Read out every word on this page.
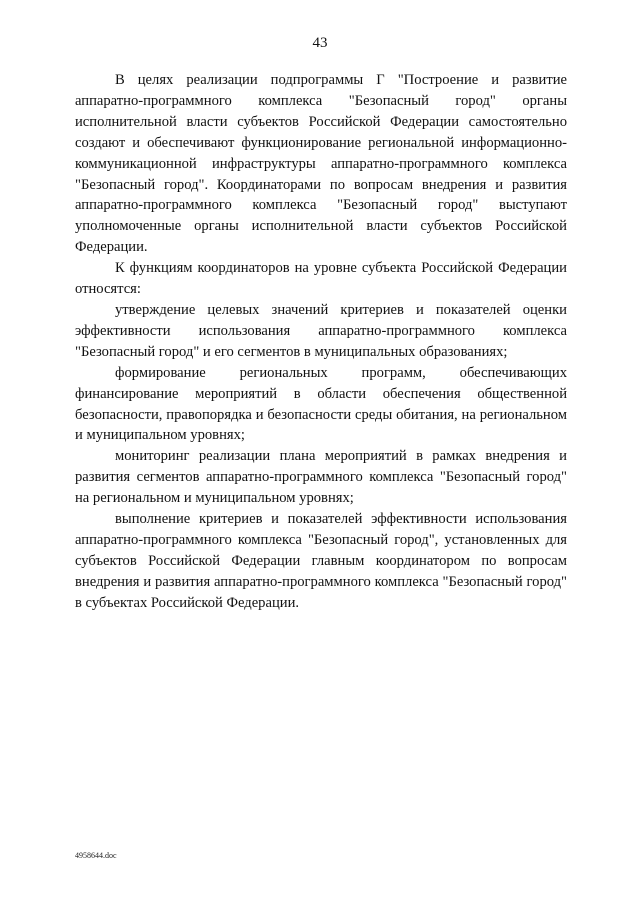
43

В целях реализации подпрограммы Г "Построение и развитие аппаратно-программного комплекса "Безопасный город" органы исполнительной власти субъектов Российской Федерации самостоятельно создают и обеспечивают функционирование региональной информационно-коммуникационной инфраструктуры аппаратно-программного комплекса "Безопасный город". Координаторами по вопросам внедрения и развития аппаратно-программного комплекса "Безопасный город" выступают уполномоченные органы исполнительной власти субъектов Российской Федерации.

К функциям координаторов на уровне субъекта Российской Федерации относятся:

утверждение целевых значений критериев и показателей оценки эффективности использования аппаратно-программного комплекса "Безопасный город" и его сегментов в муниципальных образованиях;

формирование региональных программ, обеспечивающих финансирование мероприятий в области обеспечения общественной безопасности, правопорядка и безопасности среды обитания, на региональном и муниципальном уровнях;

мониторинг реализации плана мероприятий в рамках внедрения и развития сегментов аппаратно-программного комплекса "Безопасный город" на региональном и муниципальном уровнях;

выполнение критериев и показателей эффективности использования аппаратно-программного комплекса "Безопасный город", установленных для субъектов Российской Федерации главным координатором по вопросам внедрения и развития аппаратно-программного комплекса "Безопасный город" в субъектах Российской Федерации.

4958644.doc
